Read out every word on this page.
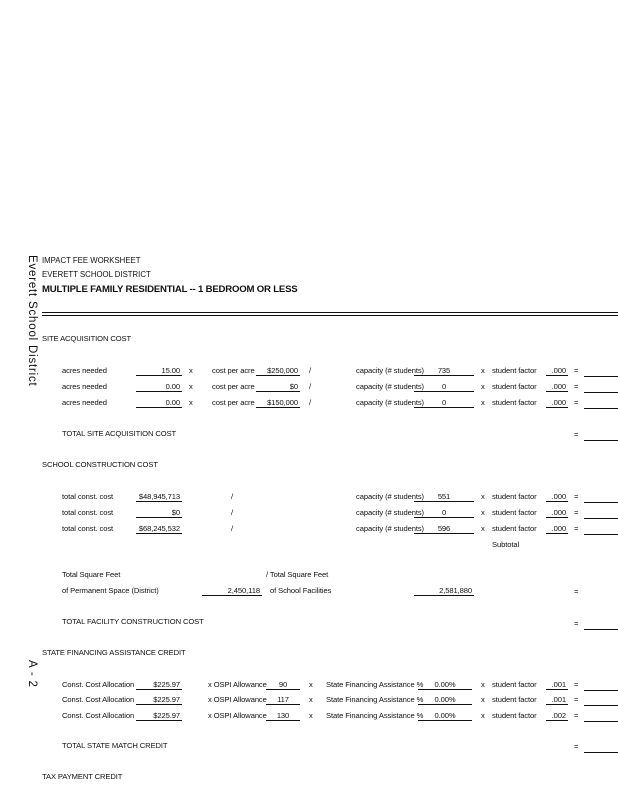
Everett School District
A - 2
IMPACT FEE WORKSHEET
EVERETT SCHOOL DISTRICT
MULTIPLE FAMILY RESIDENTIAL -- 1 BEDROOM OR LESS
SITE ACQUISITION COST
acres needed	15.00 x	cost per acre	$250,000 /	capacity (# students)	735	x student factor	.000 =
acres needed	0.00 x	cost per acre	$0 /	capacity (# students)	0	x student factor	.000 =
acres needed	0.00 x	cost per acre	$150,000 /	capacity (# students)	0	x student factor	.000 =
TOTAL SITE ACQUISITION COST	=
SCHOOL CONSTRUCTION COST
total const. cost	$48,945,713	/	capacity (# students)	551	x student factor	.000 =
total const. cost	$0	/	capacity (# students)	0	x student factor	.000 =
total const. cost	$68,245,532	/	capacity (# students)	596	x student factor	.000 =
Subtotal
Total Square Feet
of Permanent Space (District)	2,450,118
/ Total Square Feet
of School Facilities	2,581,880	=
TOTAL FACILITY CONSTRUCTION COST	=
STATE FINANCING ASSISTANCE CREDIT
Const. Cost Allocation	$225.97	x OSPI Allowance	90	x State Financing Assistance %	0.00%	x student factor	.001 =
Const. Cost Allocation	$225.97	x OSPI Allowance	117	x State Financing Assistance %	0.00%	x student factor	.001 =
Const. Cost Allocation	$225.97	x OSPI Allowance	130	x State Financing Assistance %	0.00%	x student factor	.002 =
TOTAL STATE MATCH CREDIT	=
TAX PAYMENT CREDIT
